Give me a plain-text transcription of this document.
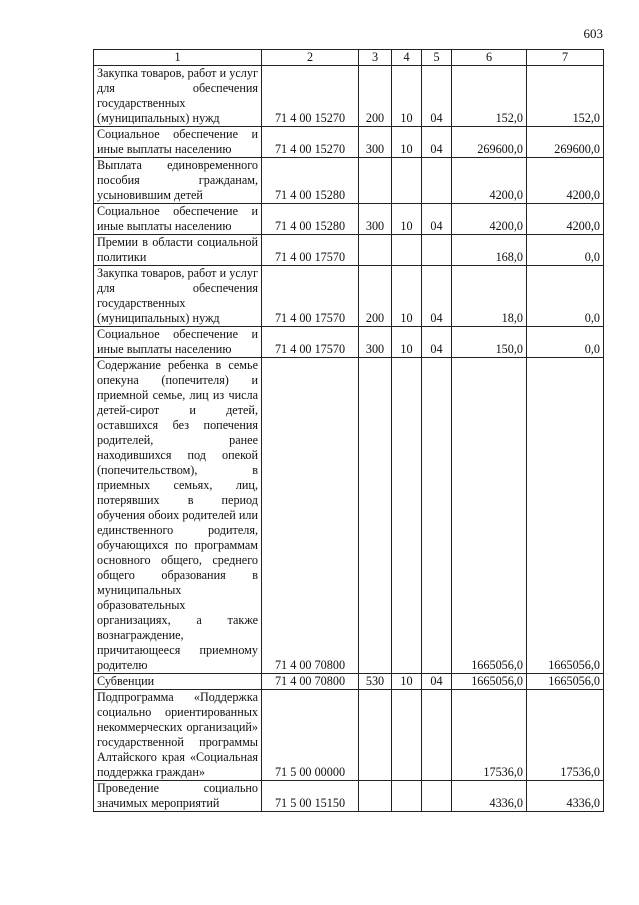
603
1	2	3	4	5	6	7
Закупка товаров, работ и услуг для обеспечения государственных (муниципальных) нужд	71 4 00 15270	200	10	04	152,0	152,0
Социальное обеспечение и иные выплаты населению	71 4 00 15270	300	10	04	269600,0	269600,0
Выплата единовременного пособия гражданам, усыновившим детей	71 4 00 15280				4200,0	4200,0
Социальное обеспечение и иные выплаты населению	71 4 00 15280	300	10	04	4200,0	4200,0
Премии в области социальной политики	71 4 00 17570				168,0	0,0
Закупка товаров, работ и услуг для обеспечения государственных (муниципальных) нужд	71 4 00 17570	200	10	04	18,0	0,0
Социальное обеспечение и иные выплаты населению	71 4 00 17570	300	10	04	150,0	0,0
Содержание ребенка в семье опекуна (попечителя) и приемной семье, лиц из числа детей-сирот и детей, оставшихся без попечения родителей, ранее находившихся под опекой (попечительством), в приемных семьях, лиц, потерявших в период обучения обоих родителей или единственного родителя, обучающихся по программам основного общего, среднего общего образования в муниципальных образовательных организациях, а также вознаграждение, причитающееся приемному родителю	71 4 00 70800				1665056,0	1665056,0
Субвенции	71 4 00 70800	530	10	04	1665056,0	1665056,0
Подпрограмма «Поддержка социально ориентированных некоммерческих организаций» государственной программы Алтайского края «Социальная поддержка граждан»	71 5 00 00000				17536,0	17536,0
Проведение социально значимых мероприятий	71 5 00 15150				4336,0	4336,0
